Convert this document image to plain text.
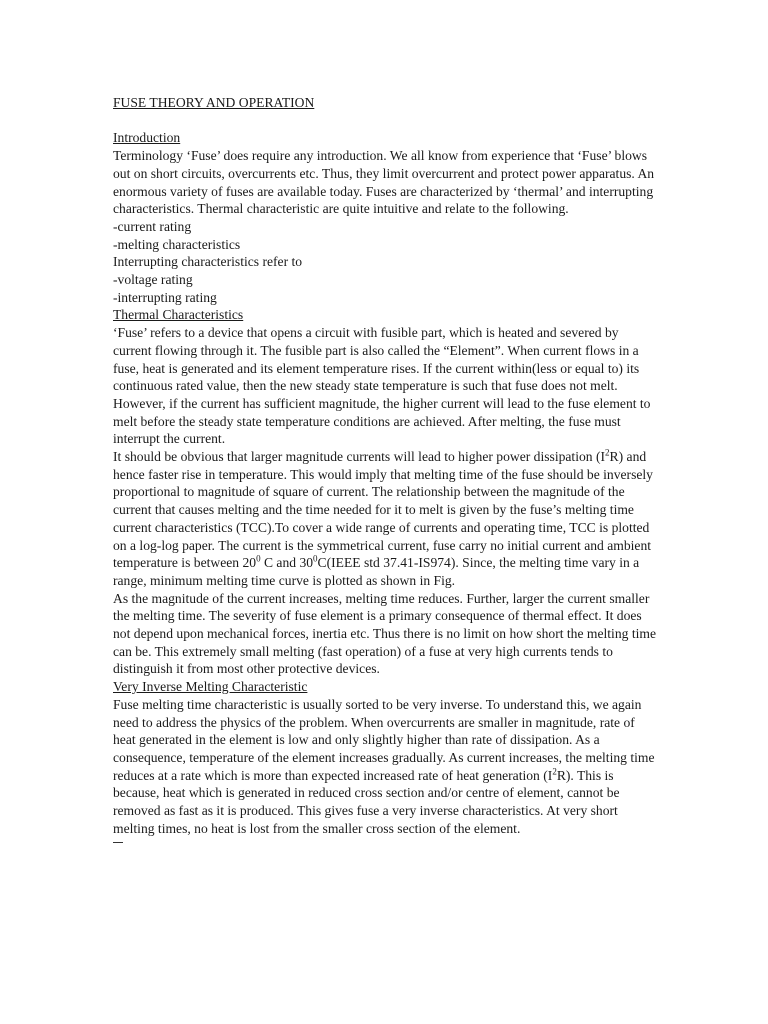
FUSE THEORY AND OPERATION

Introduction

Terminology ‘Fuse’ does require any introduction. We all know from experience that ‘Fuse’ blows out on short circuits, overcurrents etc. Thus, they limit overcurrent and protect power apparatus. An enormous variety of fuses are available today. Fuses are characterized by ‘thermal’ and interrupting characteristics. Thermal characteristic are quite intuitive and relate to the following.

-current rating

-melting characteristics

Interrupting characteristics refer to

-voltage rating

-interrupting rating

Thermal Characteristics

‘Fuse’ refers to a device that opens a circuit with fusible part, which is heated and severed by current flowing through it. The fusible part is also called the “Element”. When current flows in a fuse, heat is generated and its element temperature rises. If the current within(less or equal to) its continuous rated value, then the new steady state temperature is such that fuse does not melt. However, if the current has sufficient magnitude, the higher current will lead to the fuse element to melt before the steady state temperature conditions are achieved. After melting, the fuse must interrupt the current.

It should be obvious that larger magnitude currents will lead to higher power dissipation $(I^2R)$ and hence faster rise in temperature. This would imply that melting time of the fuse should be inversely proportional to magnitude of square of current. The relationship between the magnitude of the current that causes melting and the time needed for it to melt is given by the fuse’s melting time current characteristics (TCC).To cover a wide range of currents and operating time, TCC is plotted on a log-log paper. The current is the symmetrical current, fuse carry no initial current and ambient temperature is between $20^0$ C and $30^0C(IEEE$ std 37.41-IS974). Since, the melting time vary in a range, minimum melting time curve is plotted as shown in Fig.

As the magnitude of the current increases, melting time reduces. Further, larger the current smaller the melting time. The severity of fuse element is a primary consequence of thermal effect. It does not depend upon mechanical forces, inertia etc. Thus there is no limit on how short the melting time can be. This extremely small melting (fast operation) of a fuse at very high currents tends to distinguish it from most other protective devices.

Very Inverse Melting Characteristic

Fuse melting time characteristic is usually sorted to be very inverse. To understand this, we again need to address the physics of the problem. When overcurrents are smaller in magnitude, rate of heat generated in the element is low and only slightly higher than rate of dissipation. As a consequence, temperature of the element increases gradually. As current increases, the melting time reduces at a rate which is more than expected increased rate of heat generation $(I^2R)$. This is because, heat which is generated in reduced cross section and/or centre of element, cannot be removed as fast as it is produced. This gives fuse a very inverse characteristics. At very short melting times, no heat is lost from the smaller cross section of the element.
